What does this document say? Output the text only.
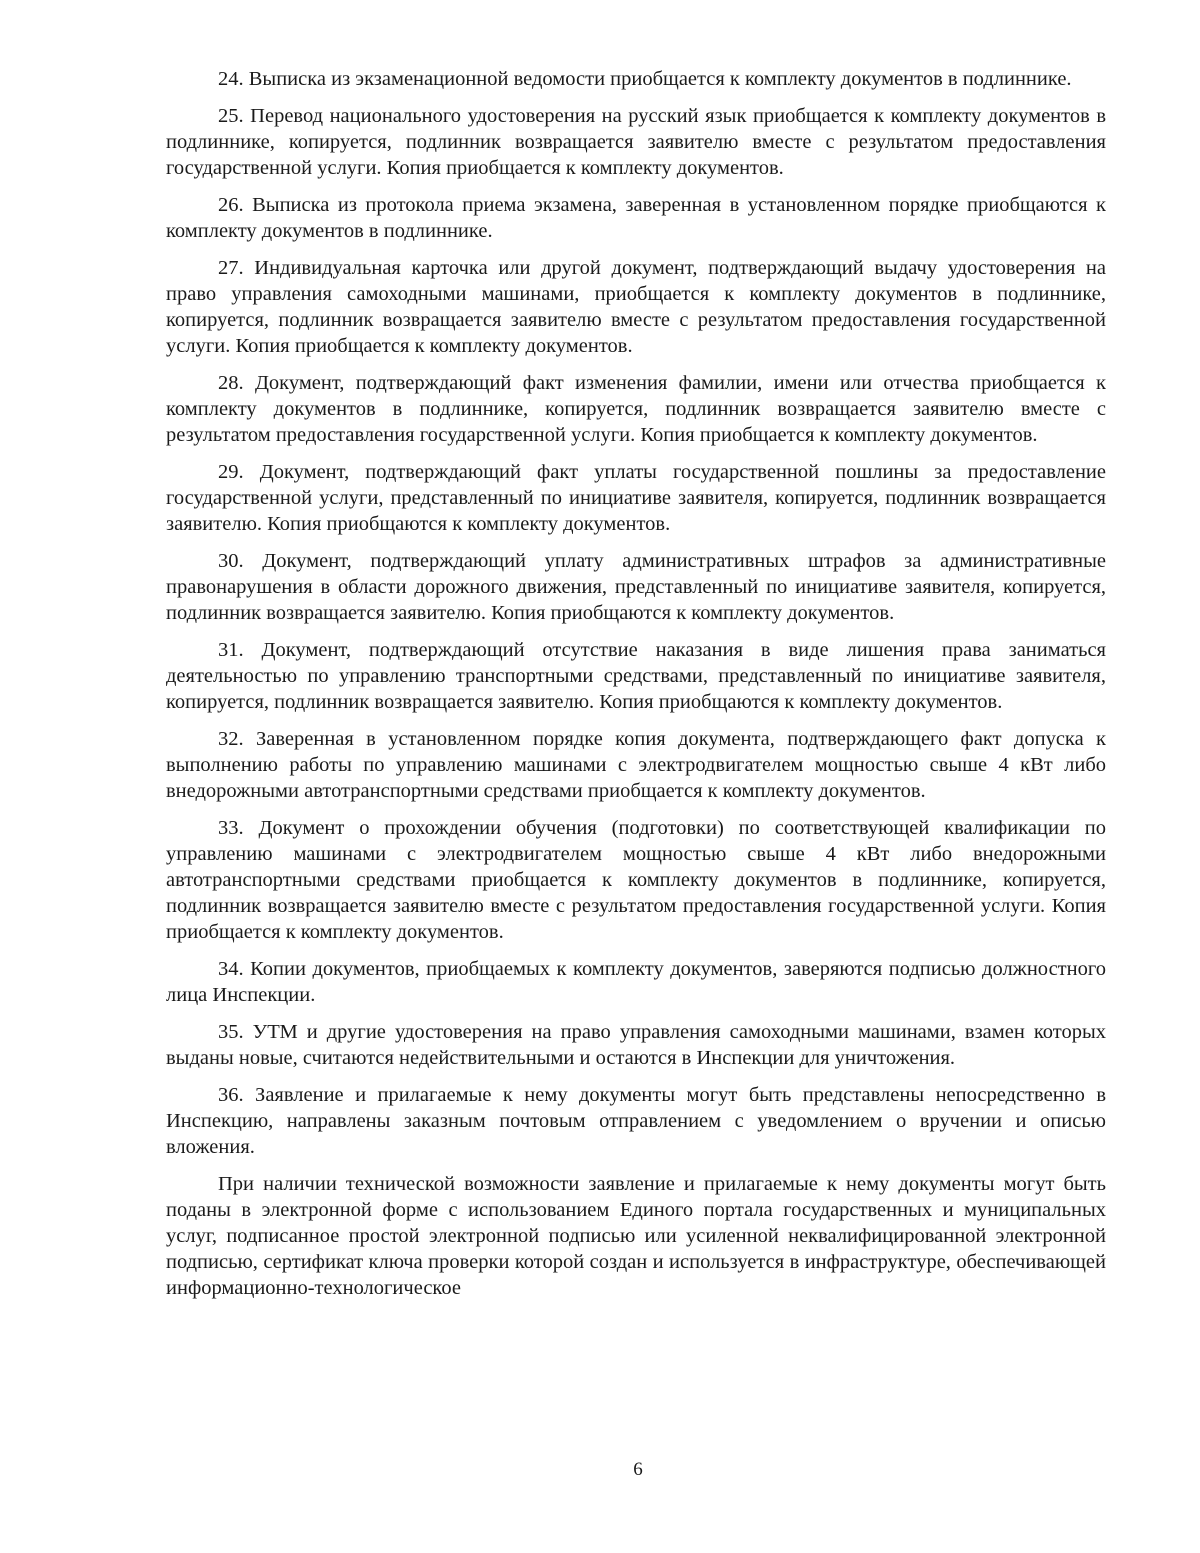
24. Выписка из экзаменационной ведомости приобщается к комплекту документов в подлиннике.

25. Перевод национального удостоверения на русский язык приобщается к комплекту документов в подлиннике, копируется, подлинник возвращается заявителю вместе с результатом предоставления государственной услуги. Копия приобщается к комплекту документов.

26. Выписка из протокола приема экзамена, заверенная в установленном порядке приобщаются к комплекту документов в подлиннике.

27. Индивидуальная карточка или другой документ, подтверждающий выдачу удостоверения на право управления самоходными машинами, приобщается к комплекту документов в подлиннике, копируется, подлинник возвращается заявителю вместе с результатом предоставления государственной услуги. Копия приобщается к комплекту документов.

28. Документ, подтверждающий факт изменения фамилии, имени или отчества приобщается к комплекту документов в подлиннике, копируется, подлинник возвращается заявителю вместе с результатом предоставления государственной услуги. Копия приобщается к комплекту документов.

29. Документ, подтверждающий факт уплаты государственной пошлины за предоставление государственной услуги, представленный по инициативе заявителя, копируется, подлинник возвращается заявителю. Копия приобщаются к комплекту документов.

30. Документ, подтверждающий уплату административных штрафов за административные правонарушения в области дорожного движения, представленный по инициативе заявителя, копируется, подлинник возвращается заявителю. Копия приобщаются к комплекту документов.

31. Документ, подтверждающий отсутствие наказания в виде лишения права заниматься деятельностью по управлению транспортными средствами, представленный по инициативе заявителя, копируется, подлинник возвращается заявителю. Копия приобщаются к комплекту документов.

32. Заверенная в установленном порядке копия документа, подтверждающего факт допуска к выполнению работы по управлению машинами с электродвигателем мощностью свыше 4 кВт либо внедорожными автотранспортными средствами приобщается к комплекту документов.

33. Документ о прохождении обучения (подготовки) по соответствующей квалификации по управлению машинами с электродвигателем мощностью свыше 4 кВт либо внедорожными автотранспортными средствами приобщается к комплекту документов в подлиннике, копируется, подлинник возвращается заявителю вместе с результатом предоставления государственной услуги. Копия приобщается к комплекту документов.

34. Копии документов, приобщаемых к комплекту документов, заверяются подписью должностного лица Инспекции.

35. УТМ и другие удостоверения на право управления самоходными машинами, взамен которых выданы новые, считаются недействительными и остаются в Инспекции для уничтожения.

36. Заявление и прилагаемые к нему документы могут быть представлены непосредственно в Инспекцию, направлены заказным почтовым отправлением с уведомлением о вручении и описью вложения.

При наличии технической возможности заявление и прилагаемые к нему документы могут быть поданы в электронной форме с использованием Единого портала государственных и муниципальных услуг, подписанное простой электронной подписью или усиленной неквалифицированной электронной подписью, сертификат ключа проверки которой создан и используется в инфраструктуре, обеспечивающей информационно-технологическое

6
